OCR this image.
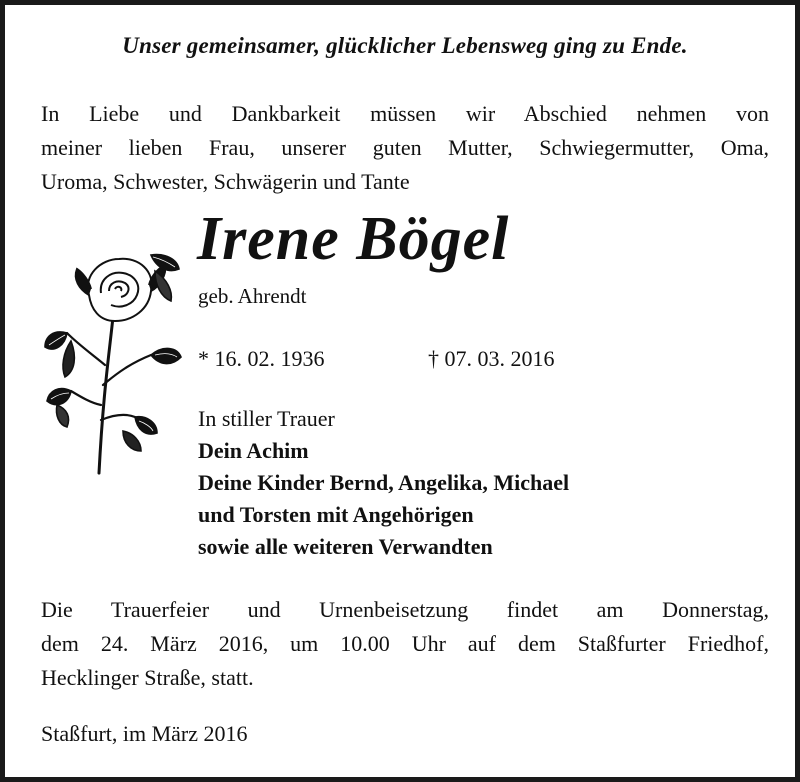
Unser gemeinsamer, glücklicher Lebensweg ging zu Ende.
In Liebe und Dankbarkeit müssen wir Abschied nehmen von
meiner lieben Frau, unserer guten Mutter, Schwiegermutter, Oma,
Uroma, Schwester, Schwägerin und Tante
Irene Bögel
geb. Ahrendt
* 16. 02. 1936	† 07. 03. 2016
In stiller Trauer
Dein Achim
Deine Kinder Bernd, Angelika, Michael
und Torsten mit Angehörigen
sowie alle weiteren Verwandten
Die Trauerfeier und Urnenbeisetzung findet am Donnerstag,
dem 24. März 2016, um 10.00 Uhr auf dem Staßfurter Friedhof,
Hecklinger Straße, statt.
Staßfurt, im März 2016
